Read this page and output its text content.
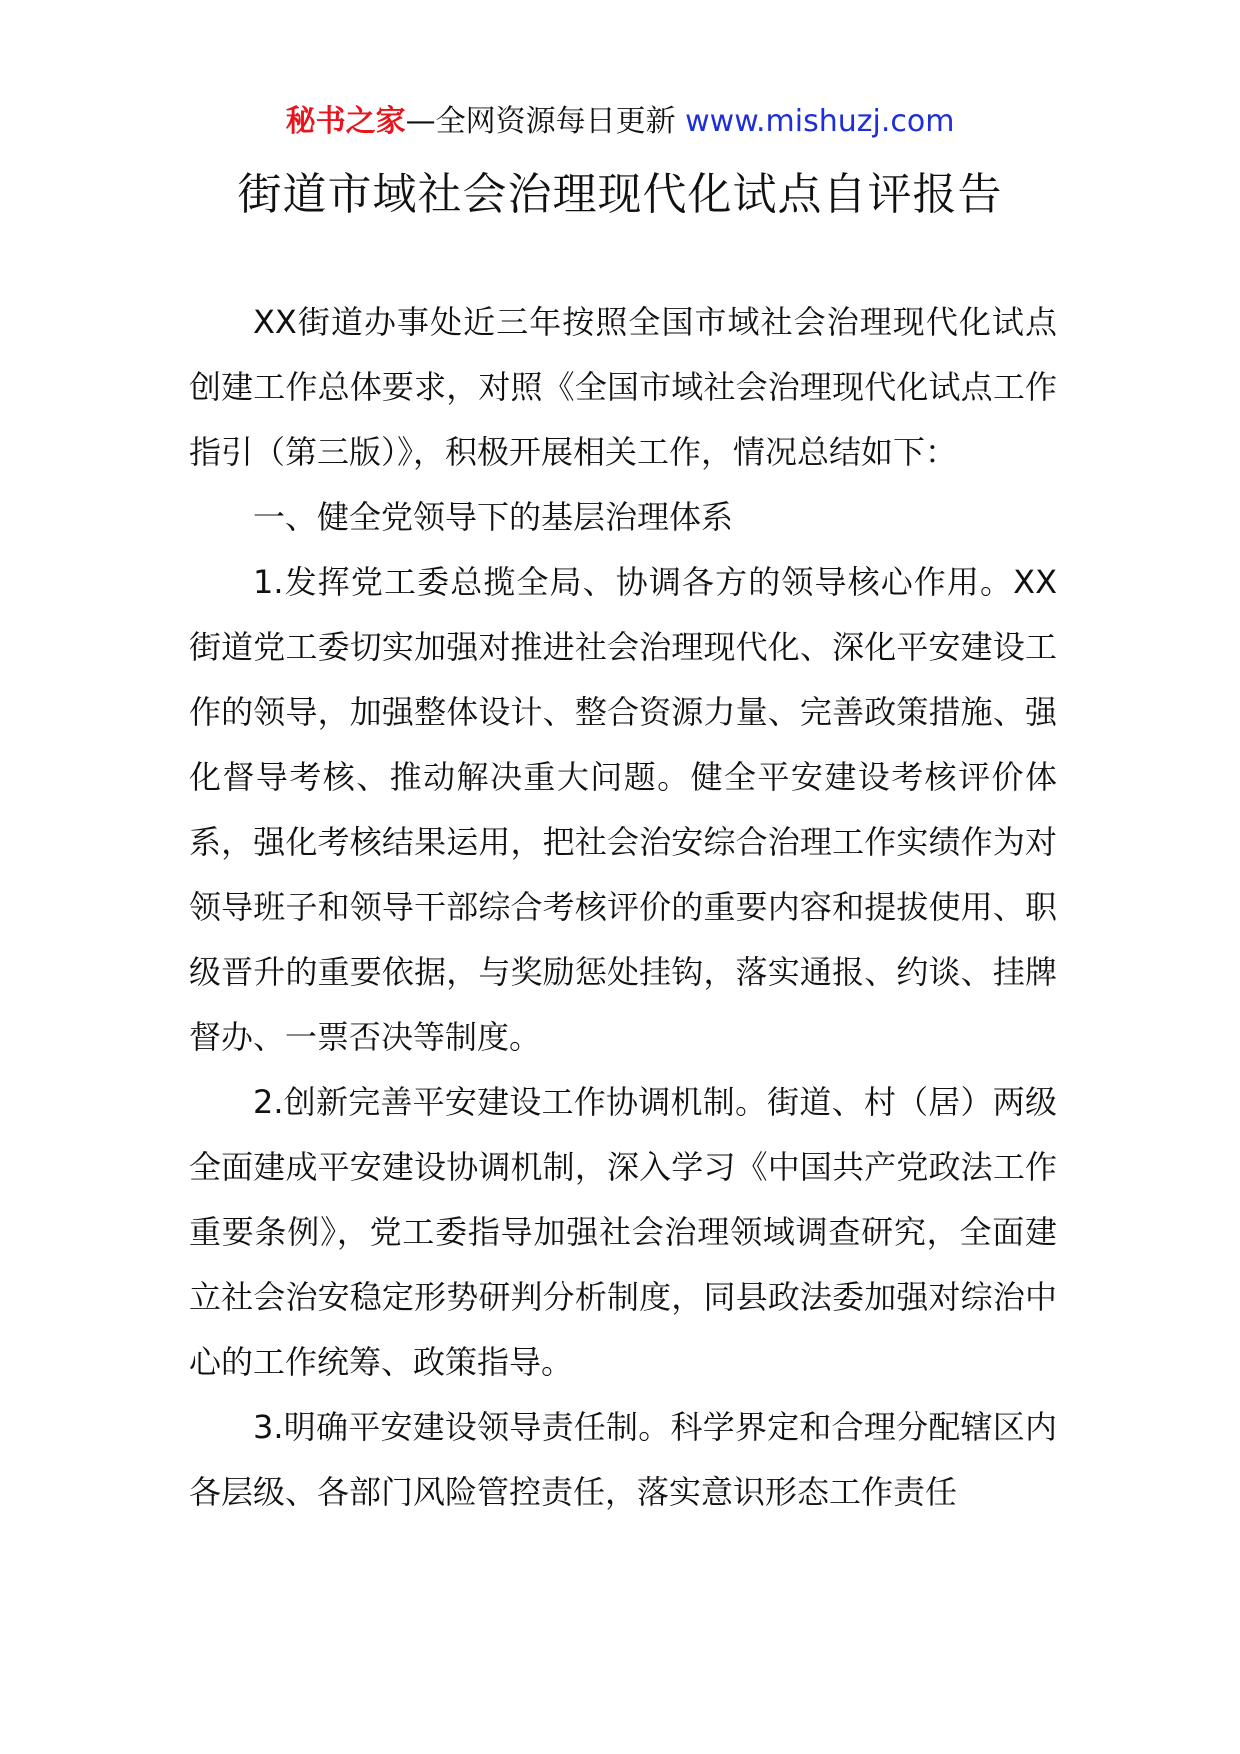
秘书之家—全网资源每日更新 www.mishuzj.com
街道市域社会治理现代化试点自评报告

XX街道办事处近三年按照全国市域社会治理现代化试点创建工作总体要求，对照《全国市域社会治理现代化试点工作指引（第三版）》，积极开展相关工作，情况总结如下：

一、健全党领导下的基层治理体系

1.发挥党工委总揽全局、协调各方的领导核心作用。XX街道党工委切实加强对推进社会治理现代化、深化平安建设工作的领导，加强整体设计、整合资源力量、完善政策措施、强化督导考核、推动解决重大问题。健全平安建设考核评价体系，强化考核结果运用，把社会治安综合治理工作实绩作为对领导班子和领导干部综合考核评价的重要内容和提拔使用、职级晋升的重要依据，与奖励惩处挂钩，落实通报、约谈、挂牌督办、一票否决等制度。

2.创新完善平安建设工作协调机制。街道、村（居）两级全面建成平安建设协调机制，深入学习《中国共产党政法工作重要条例》，党工委指导加强社会治理领域调查研究，全面建立社会治安稳定形势研判分析制度，同县政法委加强对综治中心的工作统筹、政策指导。

3.明确平安建设领导责任制。科学界定和合理分配辖区内各层级、各部门风险管控责任，落实意识形态工作责任
